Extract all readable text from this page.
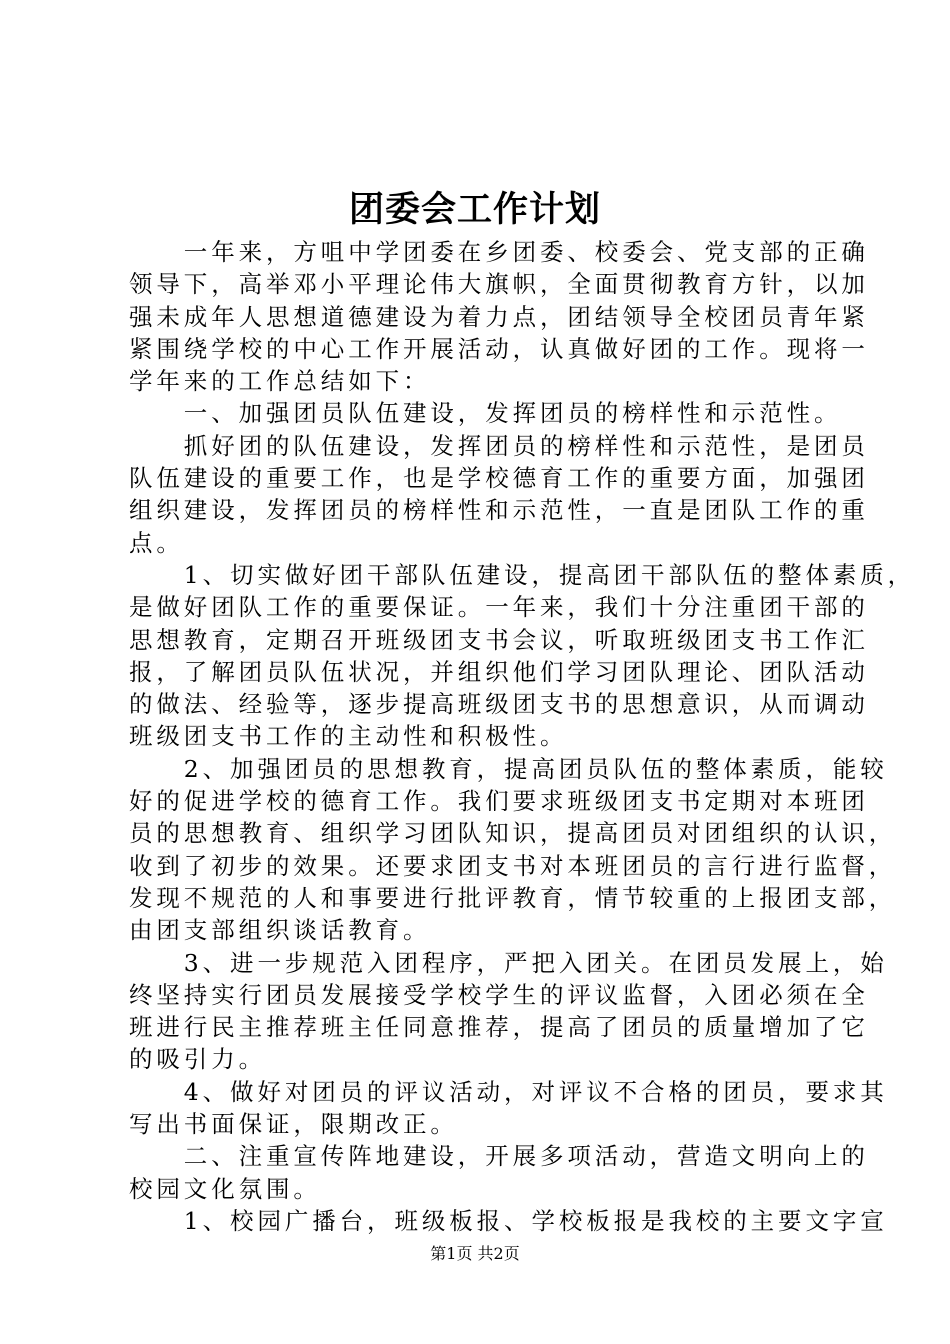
团委会工作计划
　　一年来，方咀中学团委在乡团委、校委会、党支部的正确
领导下，高举邓小平理论伟大旗帜，全面贯彻教育方针，以加
强未成年人思想道德建设为着力点，团结领导全校团员青年紧
紧围绕学校的中心工作开展活动，认真做好团的工作。现将一
学年来的工作总结如下：
　　一、加强团员队伍建设，发挥团员的榜样性和示范性。
　　抓好团的队伍建设，发挥团员的榜样性和示范性，是团员
队伍建设的重要工作，也是学校德育工作的重要方面，加强团
组织建设，发挥团员的榜样性和示范性，一直是团队工作的重
点。
　　1、切实做好团干部队伍建设，提高团干部队伍的整体素质，
是做好团队工作的重要保证。一年来，我们十分注重团干部的
思想教育，定期召开班级团支书会议，听取班级团支书工作汇
报，了解团员队伍状况，并组织他们学习团队理论、团队活动
的做法、经验等，逐步提高班级团支书的思想意识，从而调动
班级团支书工作的主动性和积极性。
　　2、加强团员的思想教育，提高团员队伍的整体素质，能较
好的促进学校的德育工作。我们要求班级团支书定期对本班团
员的思想教育、组织学习团队知识，提高团员对团组织的认识，
收到了初步的效果。还要求团支书对本班团员的言行进行监督，
发现不规范的人和事要进行批评教育，情节较重的上报团支部，
由团支部组织谈话教育。
　　3、进一步规范入团程序，严把入团关。在团员发展上，始
终坚持实行团员发展接受学校学生的评议监督，入团必须在全
班进行民主推荐班主任同意推荐，提高了团员的质量增加了它
的吸引力。
　　4、做好对团员的评议活动，对评议不合格的团员，要求其
写出书面保证，限期改正。
　　二、注重宣传阵地建设，开展多项活动，营造文明向上的
校园文化氛围。
　　1、校园广播台，班级板报、学校板报是我校的主要文字宣
第1页 共2页
